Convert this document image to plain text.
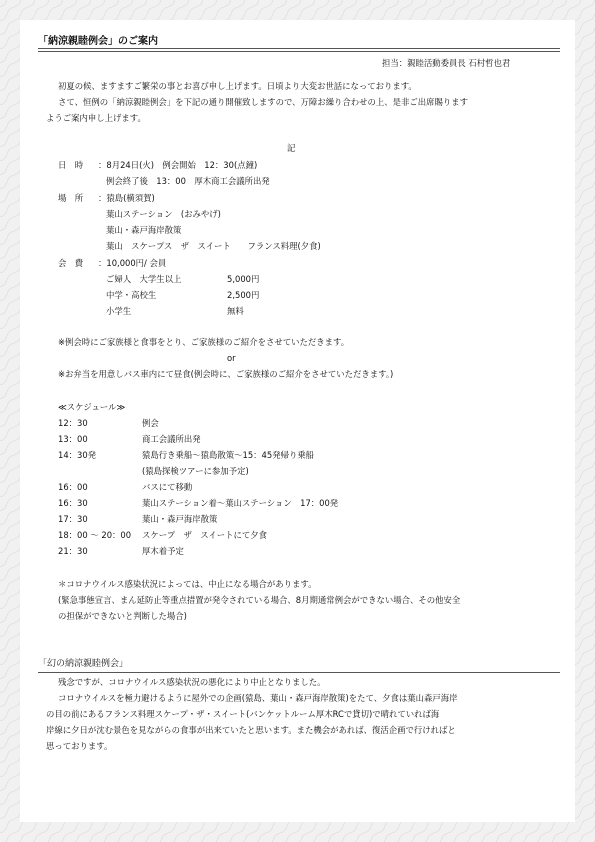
「納涼親睦例会」のご案内
担当：親睦活動委員長 石村哲也君
初夏の候、ますますご繁栄の事とお喜び申し上げます。日頃より大変お世話になっております。
さて、恒例の「納涼親睦例会」を下記の通り開催致しますので、万障お繰り合わせの上、是非ご出席賜ります
ようご案内申し上げます。
記
日　時 ：8月24日(火)　例会開始　12：30(点鐘)
例会終了後　13：00　厚木商工会議所出発
場　所 ：猿島(横須賀)
葉山ステーション　(おみやげ)
葉山・森戸海岸散策
葉山　スケープス　ザ　スイート　　フランス料理(夕食)
会　費 ：10,000円/ 会員
ご婦人　大学生以上	5,000円
中学・高校生	2,500円
小学生	無料
※例会時にご家族様と食事をとり、ご家族様のご紹介をさせていただきます。
or
※お弁当を用意しバス車内にて昼食(例会時に、ご家族様のご紹介をさせていただきます。)
≪スケジュール≫
12：30	例会
13：00	商工会議所出発
14：30発	猿島行き乗船～猿島散策～15：45発帰り乗船
(猿島探検ツアーに参加予定)
16：00	バスにて移動
16：30	葉山ステーション着～葉山ステーション　17：00発
17：30	葉山・森戸海岸散策
18：00 ～ 20：00 スケープ　ザ　スイートにて夕食
21：30	厚木着予定
＊コロナウイルス感染状況によっては、中止になる場合があります。
(緊急事態宣言、まん延防止等重点措置が発令されている場合、8月期通常例会ができない場合、その他安全
の担保ができないと判断した場合)
「幻の納涼親睦例会」
残念ですが、コロナウイルス感染状況の悪化により中止となりました。
コロナウイルスを極力避けるように屋外での企画(猿島、葉山・森戸海岸散策)をたて、夕食は葉山森戸海岸
の目の前にあるフランス料理スケープ・ザ・スイート(バンケットルーム厚木RCで貸切)で晴れていれば海
岸線に夕日が沈む景色を見ながらの食事が出来ていたと思います。また機会があれば、復活企画で行ければと
思っております。
